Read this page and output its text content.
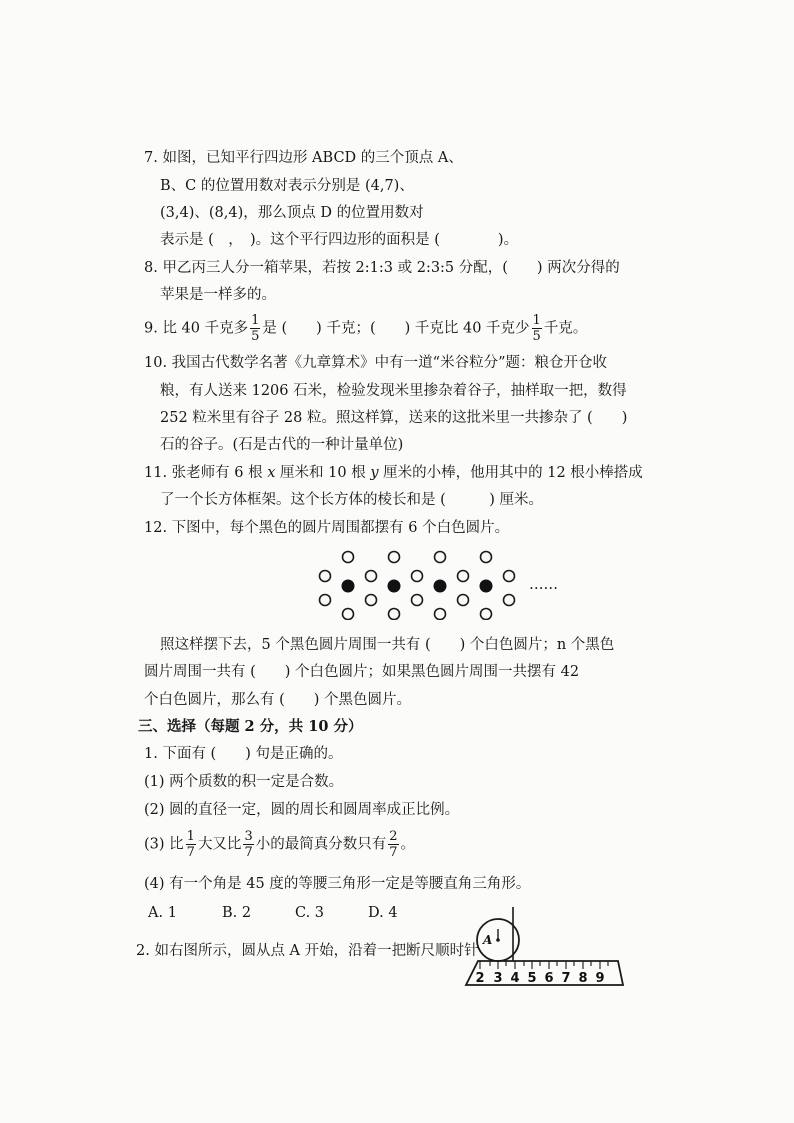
7. 如图，已知平行四边形 ABCD 的三个顶点 A、
B、C 的位置用数对表示分别是 (4,7)、
(3,4)、(8,4)，那么顶点 D 的位置用数对
表示是 (　，　)。这个平行四边形的面积是 (　　　　)。
8. 甲乙丙三人分一箱苹果，若按 2:1:3 或 2:3:5 分配，(　　) 两次分得的
苹果是一样多的。
9. 比 40 千克多 $\frac{1}{5}$ 是 (　　) 千克；(　　) 千克比 40 千克少 $\frac{1}{5}$ 千克。
10. 我国古代数学名著《九章算术》中有一道“米谷粒分”题：粮仓开仓收
粮，有人送来 1206 石米，检验发现米里掺杂着谷子，抽样取一把，数得
252 粒米里有谷子 28 粒。照这样算，送来的这批米里一共掺杂了 (　　)
石的谷子。(石是古代的一种计量单位)
11. 张老师有 6 根 x 厘米和 10 根 y 厘米的小棒，他用其中的 12 根小棒搭成
了一个长方体框架。这个长方体的棱长和是 (　　　) 厘米。
12. 下图中，每个黑色的圆片周围都摆有 6 个白色圆片。
……
照这样摆下去，5 个黑色圆片周围一共有 (　　) 个白色圆片；n 个黑色
圆片周围一共有 (　　) 个白色圆片；如果黑色圆片周围一共摆有 42
个白色圆片，那么有 (　　) 个黑色圆片。
三、选择（每题 2 分，共 10 分）
1. 下面有 (　　) 句是正确的。
(1) 两个质数的积一定是合数。
(2) 圆的直径一定，圆的周长和圆周率成正比例。
(3) 比 $\frac{1}{7}$ 大又比 $\frac{3}{7}$ 小的最简真分数只有 $\frac{2}{7}$ 。
(4) 有一个角是 45 度的等腰三角形一定是等腰直角三角形。
A. 1	B. 2	C. 3	D. 4
2. 如右图所示，圆从点 A 开始，沿着一把断尺顺时针
A
2 3 4 5 6 7 8 9
